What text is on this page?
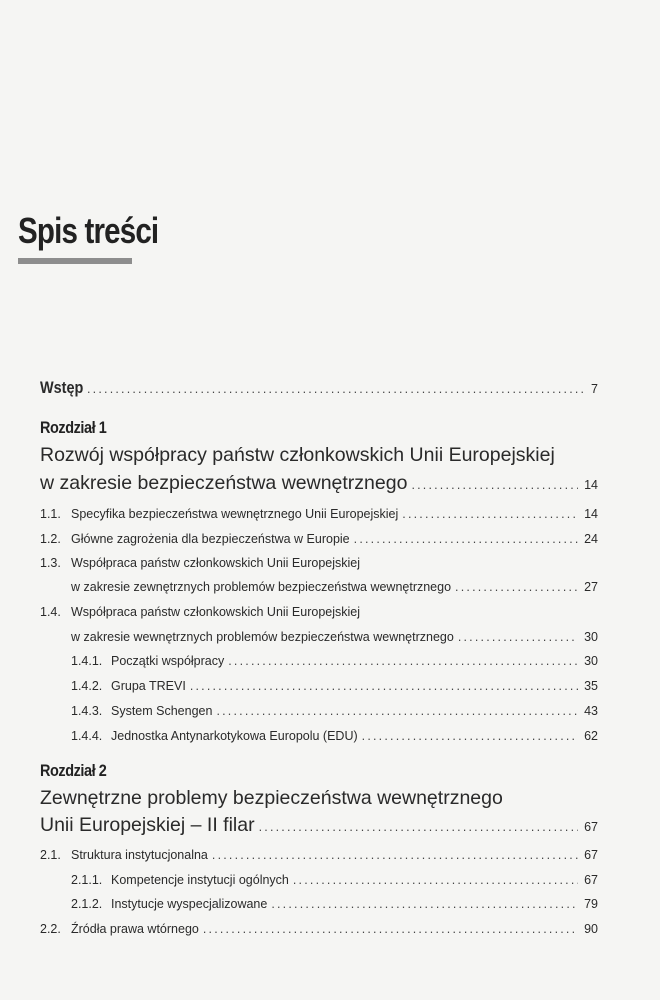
Spis treści
Wstęp .....	7
Rozdział 1
Rozwój współpracy państw członkowskich Unii Europejskiej
w zakresie bezpieczeństwa wewnętrznego .....	14
1.1. Specyfika bezpieczeństwa wewnętrznego Unii Europejskiej .....	14
1.2. Główne zagrożenia dla bezpieczeństwa w Europie .....	24
1.3. Współpraca państw członkowskich Unii Europejskiej
w zakresie zewnętrznych problemów bezpieczeństwa wewnętrznego .....	27
1.4. Współpraca państw członkowskich Unii Europejskiej
w zakresie wewnętrznych problemów bezpieczeństwa wewnętrznego .....	30
1.4.1. Początki współpracy .....	30
1.4.2. Grupa TREVI .....	35
1.4.3. System Schengen .....	43
1.4.4. Jednostka Antynarkotykowa Europolu (EDU) .....	62
Rozdział 2
Zewnętrzne problemy bezpieczeństwa wewnętrznego
Unii Europejskiej – II filar .....	67
2.1. Struktura instytucjonalna .....	67
2.1.1. Kompetencje instytucji ogólnych .....	67
2.1.2. Instytucje wyspecjalizowane .....	79
2.2. Źródła prawa wtórnego .....	90
